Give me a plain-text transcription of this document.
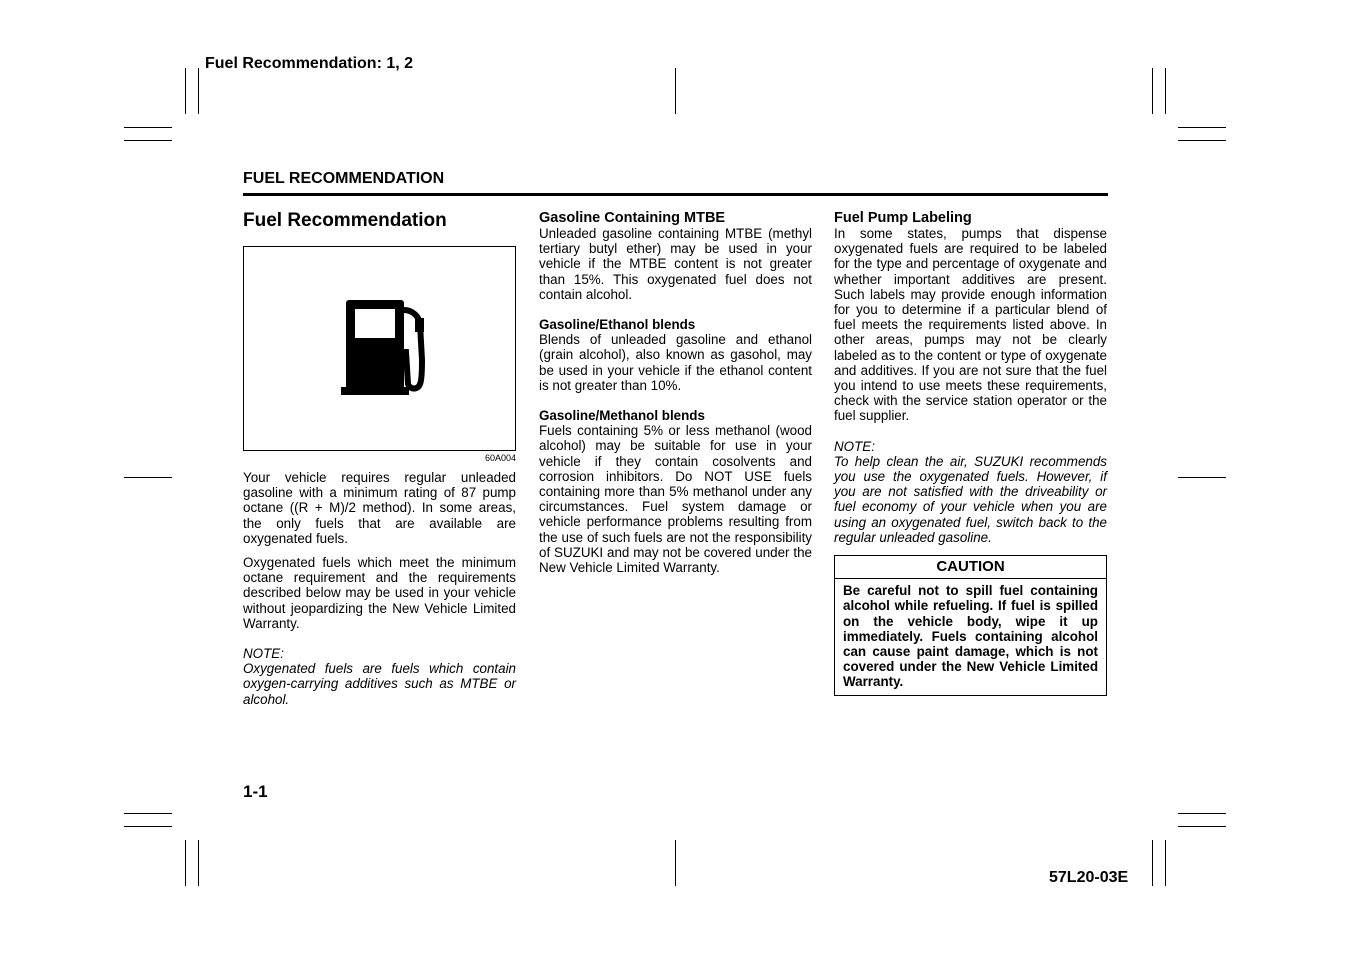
Fuel Recommendation: 1, 2
FUEL RECOMMENDATION
Fuel Recommendation
60A004

Your vehicle requires regular unleaded gasoline with a minimum rating of 87 pump octane ((R + M)/2 method). In some areas, the only fuels that are available are oxygenated fuels.

Oxygenated fuels which meet the minimum octane requirement and the requirements described below may be used in your vehicle without jeopardizing the New Vehicle Limited Warranty.

NOTE:

Oxygenated fuels are fuels which contain oxygen-carrying additives such as MTBE or alcohol.

Gasoline Containing MTBE

Unleaded gasoline containing MTBE (methyl tertiary butyl ether) may be used in your vehicle if the MTBE content is not greater than 15%. This oxygenated fuel does not contain alcohol.

Gasoline/Ethanol blends

Blends of unleaded gasoline and ethanol (grain alcohol), also known as gasohol, may be used in your vehicle if the ethanol content is not greater than 10%.

Gasoline/Methanol blends

Fuels containing 5% or less methanol (wood alcohol) may be suitable for use in your vehicle if they contain cosolvents and corrosion inhibitors. Do NOT USE fuels containing more than 5% methanol under any circumstances. Fuel system damage or vehicle performance problems resulting from the use of such fuels are not the responsibility of SUZUKI and may not be covered under the New Vehicle Limited Warranty.

Fuel Pump Labeling

In some states, pumps that dispense oxygenated fuels are required to be labeled for the type and percentage of oxygenate and whether important additives are present. Such labels may provide enough information for you to determine if a particular blend of fuel meets the requirements listed above. In other areas, pumps may not be clearly labeled as to the content or type of oxygenate and additives. If you are not sure that the fuel you intend to use meets these requirements, check with the service station operator or the fuel supplier.

NOTE:

To help clean the air, SUZUKI recommends you use the oxygenated fuels. However, if you are not satisfied with the driveability or fuel economy of your vehicle when you are using an oxygenated fuel, switch back to the regular unleaded gasoline.

CAUTION
Be careful not to spill fuel containing alcohol while refueling. If fuel is spilled on the vehicle body, wipe it up immediately. Fuels containing alcohol can cause paint damage, which is not covered under the New Vehicle Limited Warranty.
1-1
57L20-03E
